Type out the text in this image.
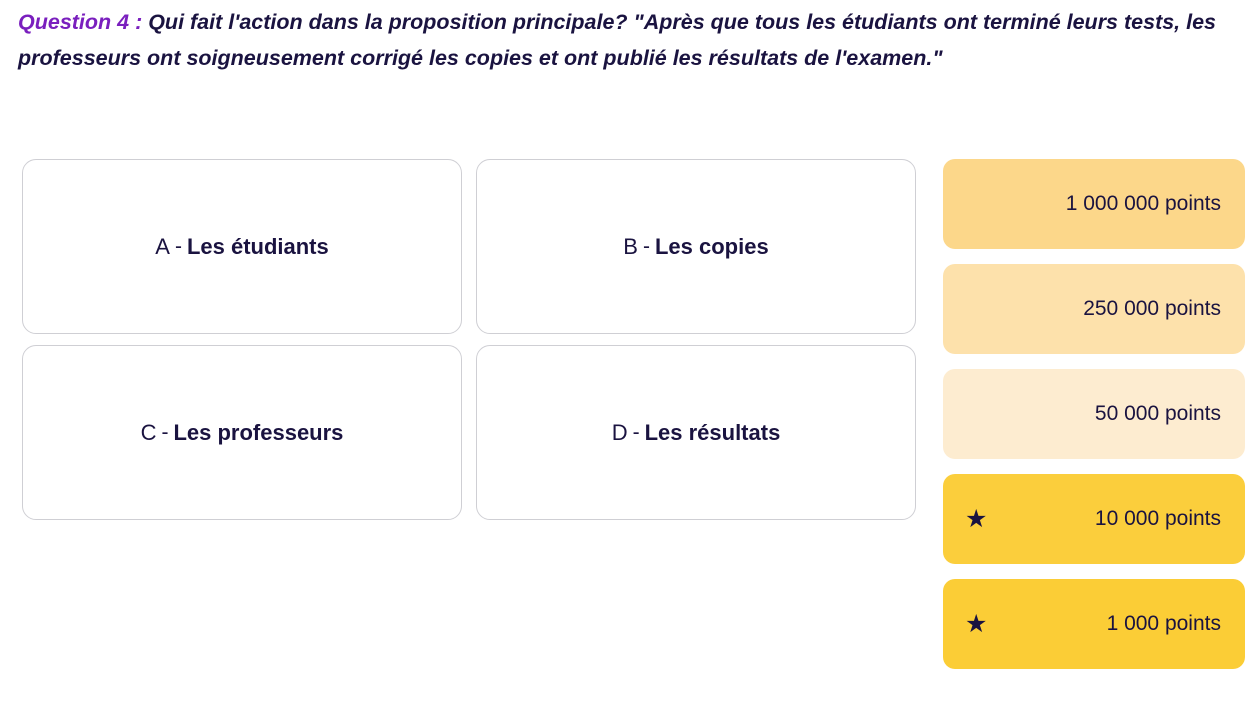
Question 4 : Qui fait l'action dans la proposition principale? "Après que tous les étudiants ont terminé leurs tests, les professeurs ont soigneusement corrigé les copies et ont publié les résultats de l'examen."
A - Les étudiants	B - Les copies
C - Les professeurs	D - Les résultats
1 000 000 points
250 000 points
50 000 points
★	10 000 points
★	1 000 points
